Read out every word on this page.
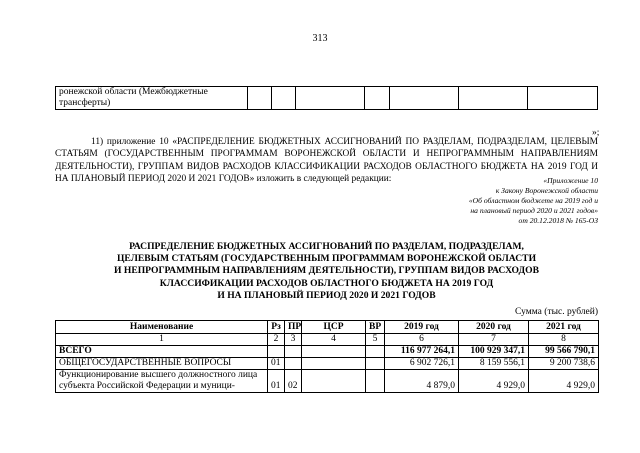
313
ронежской области (Межбюджетные трансферты)							
»;
11) приложение 10 «РАСПРЕДЕЛЕНИЕ БЮДЖЕТНЫХ АССИГНОВАНИЙ ПО РАЗДЕЛАМ, ПОДРАЗДЕЛАМ, ЦЕЛЕВЫМ СТАТЬЯМ (ГОСУДАРСТВЕННЫМ ПРОГРАММАМ ВОРОНЕЖСКОЙ ОБЛАСТИ И НЕПРОГРАММНЫМ НАПРАВЛЕНИЯМ ДЕЯТЕЛЬНОСТИ), ГРУППАМ ВИДОВ РАСХОДОВ КЛАССИФИКАЦИИ РАСХОДОВ ОБЛАСТНОГО БЮДЖЕТА НА 2019 ГОД И НА ПЛАНОВЫЙ ПЕРИОД 2020 И 2021 ГОДОВ» изложить в следующей редакции:	«Приложение 10
к Закону Воронежской области
«Об областном бюджете на 2019 год и
на плановый период 2020 и 2021 годов»
от 20.12.2018 № 165-ОЗ
РАСПРЕДЕЛЕНИЕ БЮДЖЕТНЫХ АССИГНОВАНИЙ ПО РАЗДЕЛАМ, ПОДРАЗДЕЛАМ,
ЦЕЛЕВЫМ СТАТЬЯМ (ГОСУДАРСТВЕННЫМ ПРОГРАММАМ ВОРОНЕЖСКОЙ ОБЛАСТИ
И НЕПРОГРАММНЫМ НАПРАВЛЕНИЯМ ДЕЯТЕЛЬНОСТИ), ГРУППАМ ВИДОВ РАСХОДОВ
КЛАССИФИКАЦИИ РАСХОДОВ ОБЛАСТНОГО БЮДЖЕТА НА 2019 ГОД
И НА ПЛАНОВЫЙ ПЕРИОД 2020 И 2021 ГОДОВ
Сумма (тыс. рублей)
Наименование	Рз	ПР	ЦСР	ВР	2019 год	2020 год	2021 год
1	2	3	4	5	6	7	8
ВСЕГО					116 977 264,1	100 929 347,1	99 566 790,1
ОБЩЕГОСУДАРСТВЕННЫЕ ВОПРОСЫ	01				6 902 726,1	8 159 556,1	9 200 738,6
Функционирование высшего должностного лица субъекта Российской Федерации и муници-	01	02			4 879,0	4 929,0	4 929,0
